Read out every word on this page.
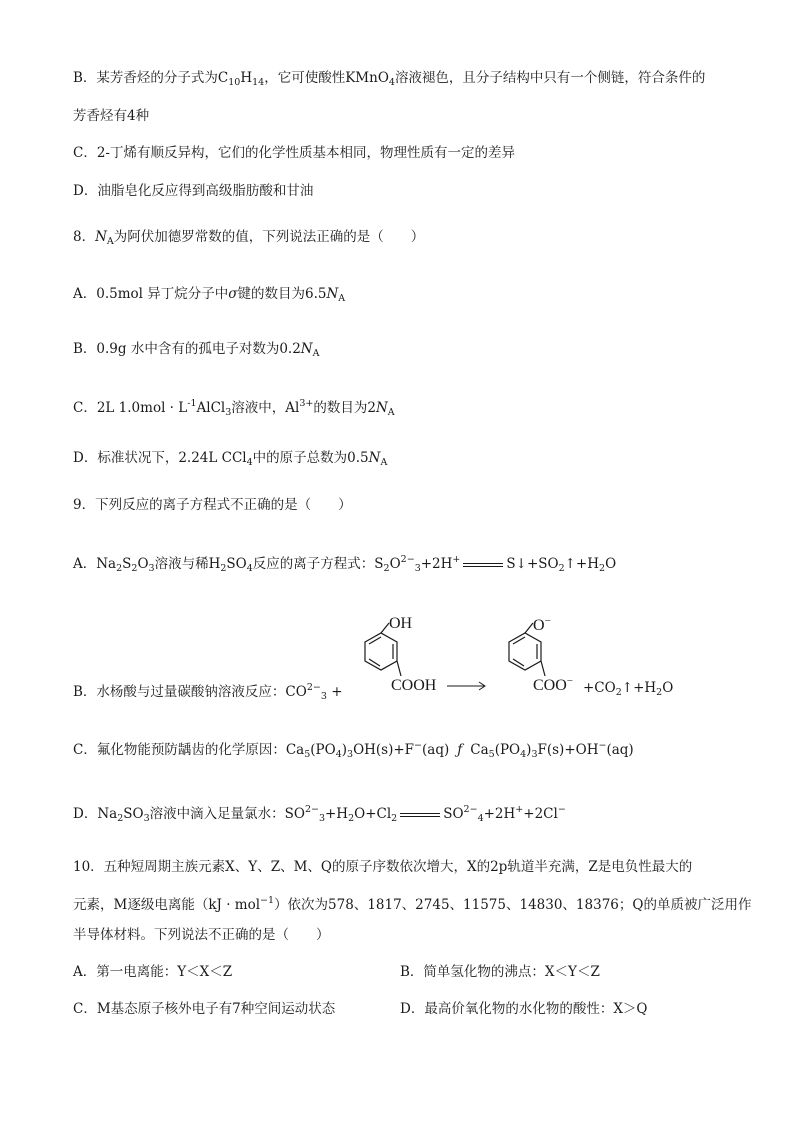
B．某芳香烃的分子式为$C_{10}H_{14}$，它可使酸性KMnO$_4$溶液褪色，且分子结构中只有一个侧链，符合条件的
芳香烃有4种
C．2-丁烯有顺反异构，它们的化学性质基本相同，物理性质有一定的差异
D．油脂皂化反应得到高级脂肪酸和甘油
8．$N_A$为阿伏加德罗常数的值，下列说法正确的是（　　）
A．0.5mol 异丁烷分子中σ键的数目为$6.5N_A$
B．0.9g 水中含有的孤电子对数为$0.2N_A$
C．2L $1.0mol \cdot L^{-1}AlCl_3$溶液中，$Al^{3+}$的数目为$2N_A$
D．标准状况下，2.24L CCl$_4$中的原子总数为$0.5N_A$
9．下列反应的离子方程式不正确的是（　　）
A．$Na_2S_2O_3$溶液与稀$H_2SO_4$反应的离子方程式：$S_2O^{2-}_3+2H^+$	$S↓+SO_2↑+H_2O$
B．水杨酸与过量碳酸钠溶液反应：$CO^{2-}_3$ +
OH
COOH
O−
$COO^- +CO_2↑+H_2O$
C．氟化物能预防龋齿的化学原因：$Ca_5(PO_4)_3OH(s)+F^-(aq)$ ƒ $Ca_5(PO_4)_3F(s)+OH^-(aq)$
D．$Na_2SO_3$溶液中滴入足量氯水：$SO^{2-}_3+H_2O+Cl_2$	$SO^{2-}_4+2H^++2Cl^-$
10．五种短周期主族元素X、Y、Z、M、Q的原子序数依次增大，X的2p轨道半充满，Z是电负性最大的
元素，M逐级电离能（kJ · mol$^{-1}$）依次为578、1817、2745、11575、14830、18376；Q的单质被广泛用作
半导体材料。下列说法不正确的是（　　）
A．第一电离能：Y＜X＜Z	B．简单氢化物的沸点：X＜Y＜Z
C．M基态原子核外电子有7种空间运动状态	D．最高价氧化物的水化物的酸性：X＞Q
